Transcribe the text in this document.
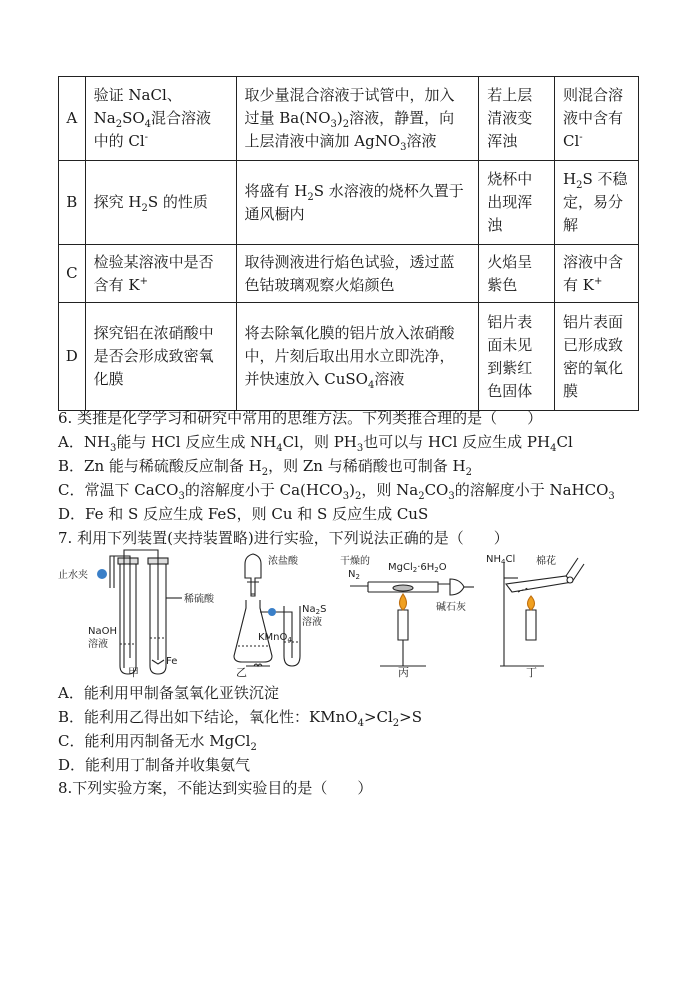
A	验证 NaCl、
$Na_2SO_4$混合溶液
中的 Cl-	取少量混合溶液于试管中，加入
过量 $Ba(NO_3)_2$溶液，静置，向
上层清液中滴加 AgNO$_3$溶液	若上层
清液变
浑浊	则混合溶
液中含有
Cl-
B	探究 $H_2S$ 的性质	将盛有 $H_2S$ 水溶液的烧杯久置于
通风橱内	烧杯中
出现浑
浊	$H_2S$ 不稳
定，易分
解
C	检验某溶液中是否
含有 K+	取待测液进行焰色试验，透过蓝
色钴玻璃观察火焰颜色	火焰呈
紫色	溶液中含
有 K+
D	探究铝在浓硝酸中
是否会形成致密氧
化膜	将去除氧化膜的铝片放入浓硝酸
中，片刻后取出用水立即洗净，
并快速放入 CuSO$_4$溶液	铝片表
面未见
到紫红
色固体	铝片表面
已形成致
密的氧化
膜
6. 类推是化学学习和研究中常用的思维方法。下列类推合理的是（　　）
A．$NH_3$能与 HCl 反应生成 $NH_4Cl$，则 $PH_3$也可以与 HCl 反应生成 $PH_4Cl$
B．Zn 能与稀硫酸反应制备 $H_2$，则 Zn 与稀硝酸也可制备 $H_2$
C．常温下 CaCO$_3$的溶解度小于 $Ca(HCO_3)_2$，则 $Na_2CO_3$的溶解度小于 NaHCO$_3$
D．Fe 和 S 反应生成 FeS，则 Cu 和 S 反应生成 CuS
7. 利用下列装置(夹持装置略)进行实验，下列说法正确的是（　　）
止水夹
稀硫酸
NaOH
溶液
Fe
甲
浓盐酸
$Na_2S$
溶液
KMnO$_4$
乙
干燥的
$N_2$
$MgCl_2\cdot 6H_2O$
碱石灰
丙
$NH_4Cl$ 棉花
丁
A．能利用甲制备氢氧化亚铁沉淀
B．能利用乙得出如下结论，氧化性：$KMnO_4>Cl_2>S$
C．能利用丙制备无水 MgCl$_2$
D．能利用丁制备并收集氨气
8.下列实验方案，不能达到实验目的是（　　）
